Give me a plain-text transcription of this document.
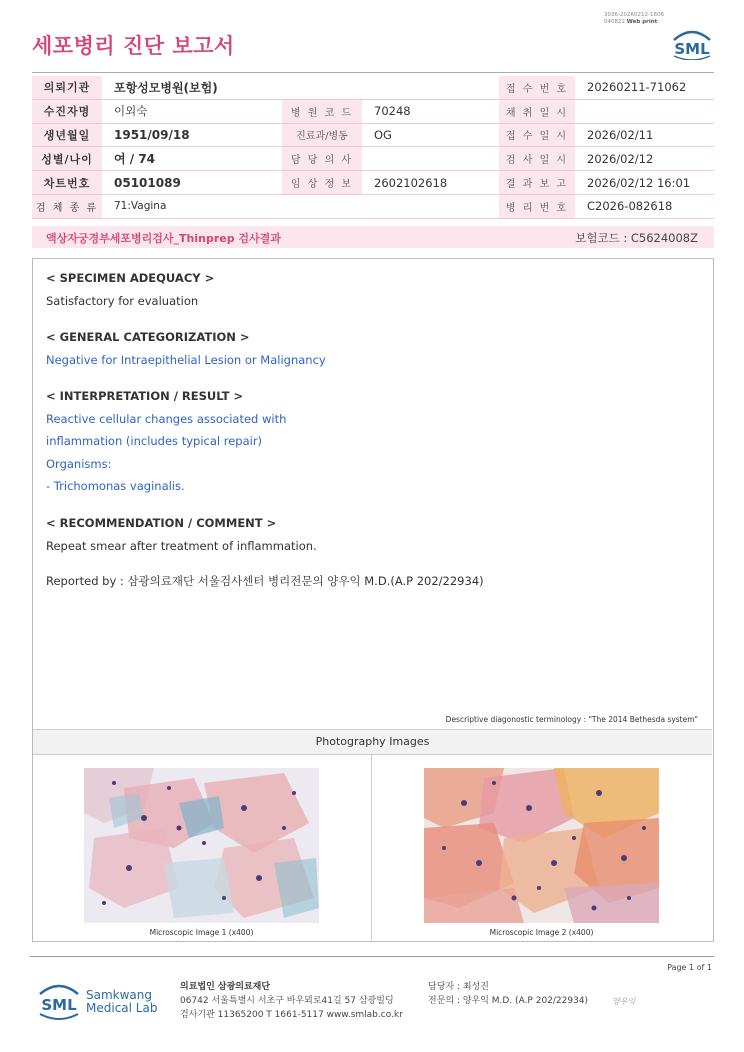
세포병리 진단 보고서
3036-20260212-1606
040822 Web print
SML
의뢰기관	포항성모병원(보험)			접 수 번 호	20260211-71062
수진자명	이외숙	병 원 코 드	70248	채 취 일 시	
생년월일	1951/09/18	진료과/병동	OG	접 수 일 시	2026/02/11
성별/나이	여 / 74	담 당 의 사		검 사 일 시	2026/02/12
차트번호	05101089	임 상 정 보	2602102618	결 과 보 고	2026/02/12 16:01
검 체 종 류	71:Vagina			병 리 번 호	C2026-082618
액상자궁경부세포병리검사_Thinprep 검사결과	보험코드 : C5624008Z
< SPECIMEN ADEQUACY >
Satisfactory for evaluation
< GENERAL CATEGORIZATION >
Negative for Intraepithelial Lesion or Malignancy
< INTERPRETATION / RESULT >
Reactive cellular changes associated with
inflammation (includes typical repair)
Organisms:
- Trichomonas vaginalis.
< RECOMMENDATION / COMMENT >
Repeat smear after treatment of inflammation.
Reported by : 삼광의료재단 서울검사센터 병리전문의 양우익 M.D.(A.P 202/22934)
Descriptive diagonostic terminology : "The 2014 Bethesda system"
Photography Images
Microscopic Image 1 (x400)	Microscopic Image 2 (x400)
Page 1 of 1
SML
Samkwang
Medical Lab
의료법인 삼광의료재단
06742 서울특별시 서초구 바우뫼로41길 57 삼광빌딩
검사기관 11365200 T 1661-5117 www.smlab.co.kr
담당자 : 최성진
전문의 : 양우익 M.D. (A.P 202/22934)	양우익
